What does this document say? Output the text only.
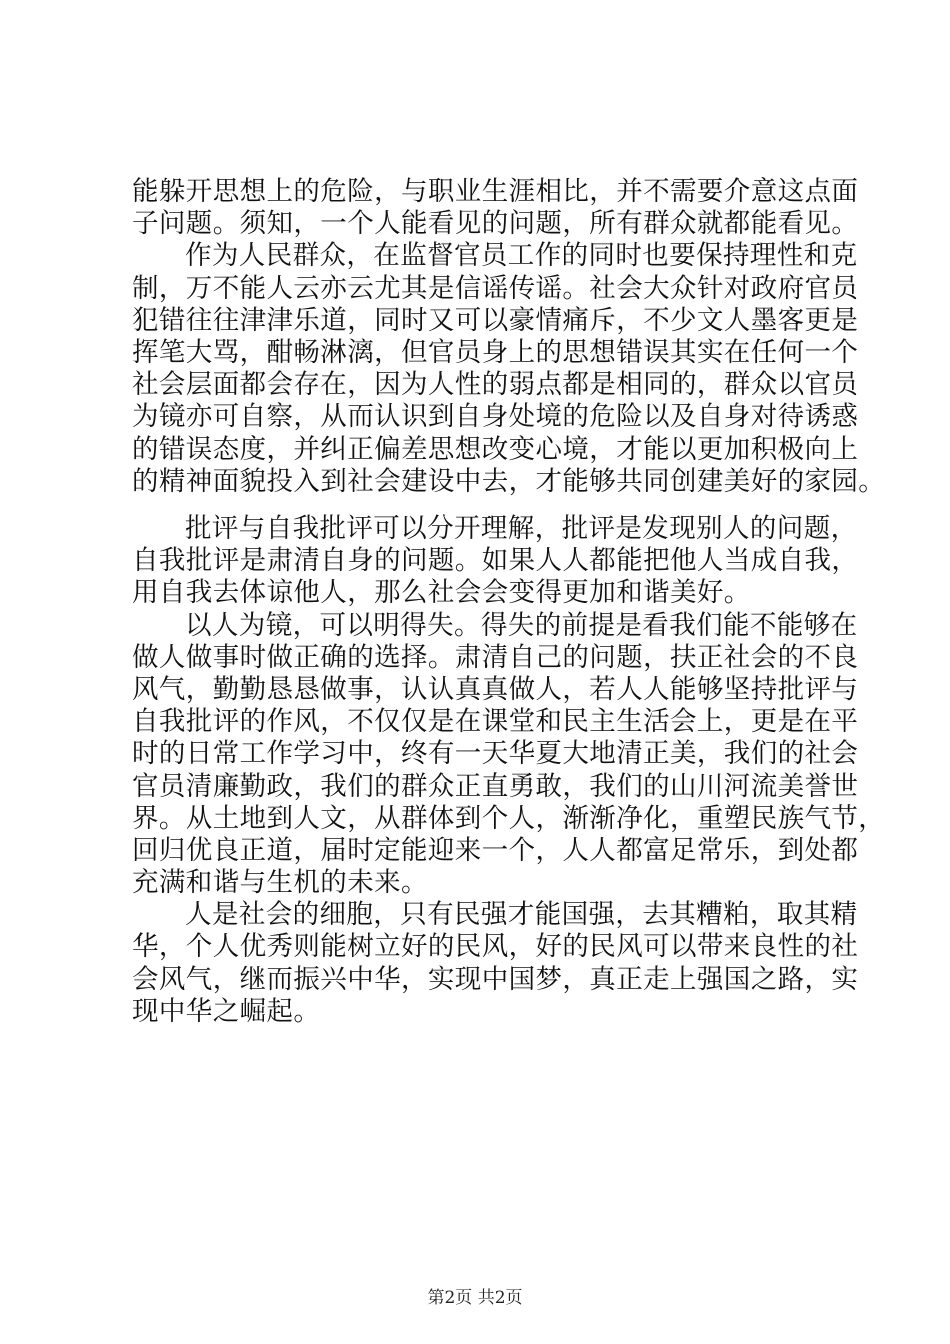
能躲开思想上的危险，与职业生涯相比，并不需要介意这点面
子问题。须知，一个人能看见的问题，所有群众就都能看见。
作为人民群众，在监督官员工作的同时也要保持理性和克
制，万不能人云亦云尤其是信谣传谣。社会大众针对政府官员
犯错往往津津乐道，同时又可以豪情痛斥，不少文人墨客更是
挥笔大骂，酣畅淋漓，但官员身上的思想错误其实在任何一个
社会层面都会存在，因为人性的弱点都是相同的，群众以官员
为镜亦可自察，从而认识到自身处境的危险以及自身对待诱惑
的错误态度，并纠正偏差思想改变心境，才能以更加积极向上
的精神面貌投入到社会建设中去，才能够共同创建美好的家园。
批评与自我批评可以分开理解，批评是发现别人的问题，
自我批评是肃清自身的问题。如果人人都能把他人当成自我，
用自我去体谅他人，那么社会会变得更加和谐美好。
以人为镜，可以明得失。得失的前提是看我们能不能够在
做人做事时做正确的选择。肃清自己的问题，扶正社会的不良
风气，勤勤恳恳做事，认认真真做人，若人人能够坚持批评与
自我批评的作风，不仅仅是在课堂和民主生活会上，更是在平
时的日常工作学习中，终有一天华夏大地清正美，我们的社会
官员清廉勤政，我们的群众正直勇敢，我们的山川河流美誉世
界。从土地到人文，从群体到个人，渐渐净化，重塑民族气节，
回归优良正道，届时定能迎来一个，人人都富足常乐，到处都
充满和谐与生机的未来。
人是社会的细胞，只有民强才能国强，去其糟粕，取其精
华，个人优秀则能树立好的民风，好的民风可以带来良性的社
会风气，继而振兴中华，实现中国梦，真正走上强国之路，实
现中华之崛起。
第2页 共2页
